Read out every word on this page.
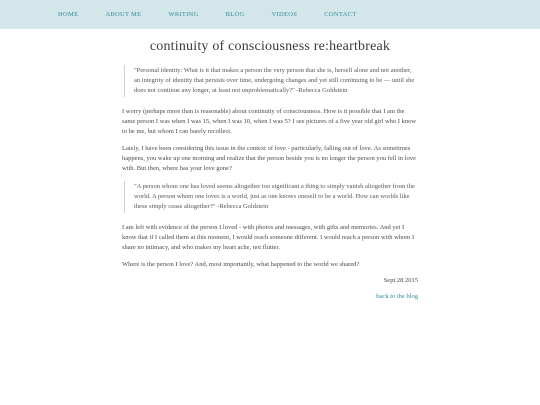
HOME	ABOUT ME	WRITING	BLOG	VIDEOS	CONTACT
continuity of consciousness re:heartbreak
"Personal identity: What is it that makes a person the very person that she is, herself alone and not another, an integrity of identity that persists over time, undergoing changes and yet still continuing to be — until she does not continue any longer, at least not unproblematically?" -Rebecca Goldstein

I worry (perhaps more than is reasonable) about continuity of consciousness. How is it possible that I am the same person I was when I was 15, when I was 10, when I was 5? I see pictures of a five year old girl who I know to be me, but whom I can barely recollect.

Lately, I have been considering this issue in the context of love - particularly, falling out of love. As sometimes happens, you wake up one morning and realize that the person beside you is no longer the person you fell in love with. But then, where has your love gone?

"A person whom one has loved seems altogether too significant a thing to simply vanish altogether from the world. A person whom one loves is a world, just as one knows oneself to be a world. How can worlds like these simply cease altogether?" -Rebecca Goldstein

I am left with evidence of the person I loved - with photos and messages, with gifts and memories. And yet I know that if I called them at this moment, I would reach someone different. I would reach a person with whom I share no intimacy, and who makes my heart ache, not flutter.

Where is the person I love? And, most importantly, what happened to the world we shared?

Sept 28 2015
back to the blog
